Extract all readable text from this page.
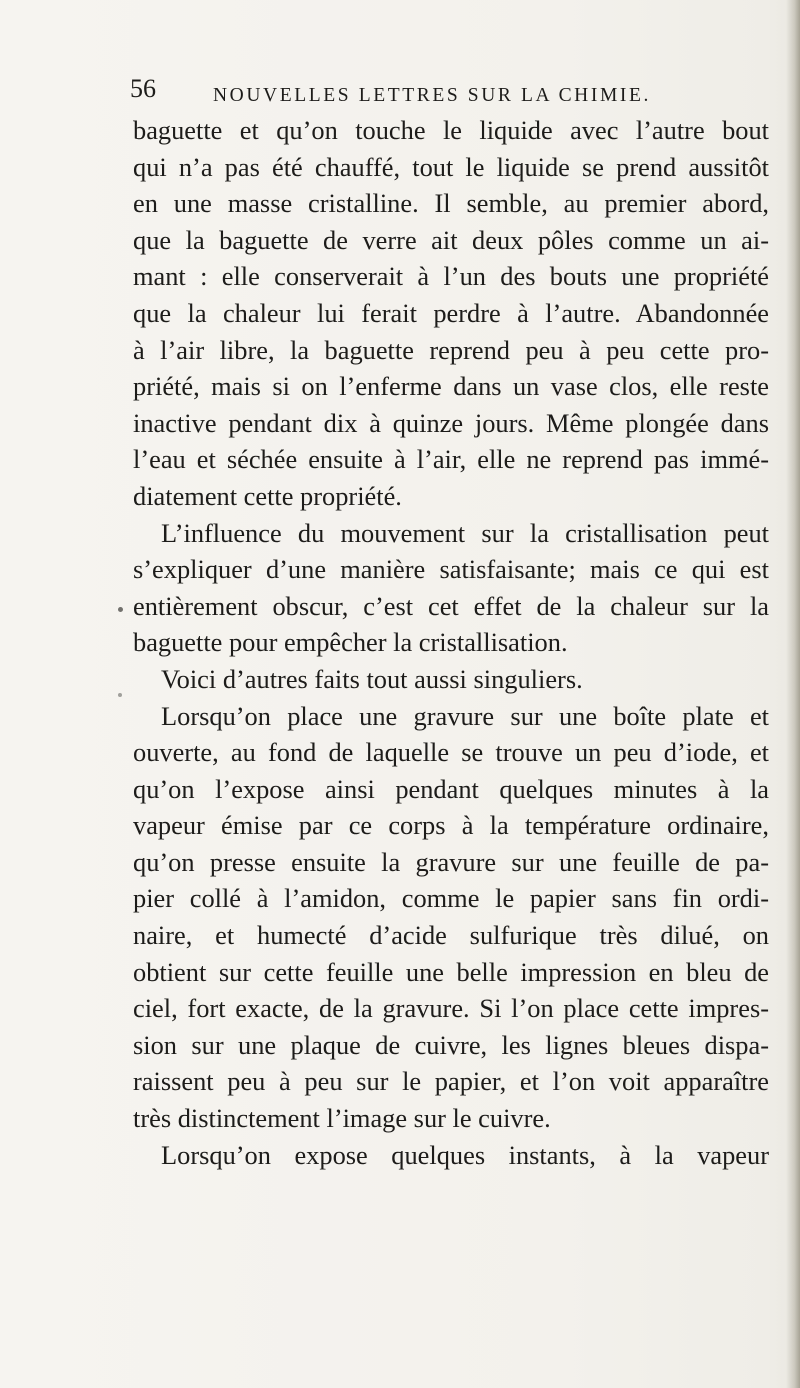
56	NOUVELLES LETTRES SUR LA CHIMIE.
baguette et qu’on touche le liquide avec l’autre bout
qui n’a pas été chauffé, tout le liquide se prend aussitôt
en une masse cristalline. Il semble, au premier abord,
que la baguette de verre ait deux pôles comme un ai-
mant : elle conserverait à l’un des bouts une propriété
que la chaleur lui ferait perdre à l’autre. Abandonnée
à l’air libre, la baguette reprend peu à peu cette pro-
priété, mais si on l’enferme dans un vase clos, elle reste
inactive pendant dix à quinze jours. Même plongée dans
l’eau et séchée ensuite à l’air, elle ne reprend pas immé-
diatement cette propriété.
L’influence du mouvement sur la cristallisation peut
s’expliquer d’une manière satisfaisante; mais ce qui est
entièrement obscur, c’est cet effet de la chaleur sur la
baguette pour empêcher la cristallisation.
Voici d’autres faits tout aussi singuliers.
Lorsqu’on place une gravure sur une boîte plate et
ouverte, au fond de laquelle se trouve un peu d’iode, et
qu’on l’expose ainsi pendant quelques minutes à la
vapeur émise par ce corps à la température ordinaire,
qu’on presse ensuite la gravure sur une feuille de pa-
pier collé à l’amidon, comme le papier sans fin ordi-
naire, et humecté d’acide sulfurique très dilué, on
obtient sur cette feuille une belle impression en bleu de
ciel, fort exacte, de la gravure. Si l’on place cette impres-
sion sur une plaque de cuivre, les lignes bleues dispa-
raissent peu à peu sur le papier, et l’on voit apparaître
très distinctement l’image sur le cuivre.
Lorsqu’on expose quelques instants, à la vapeur
